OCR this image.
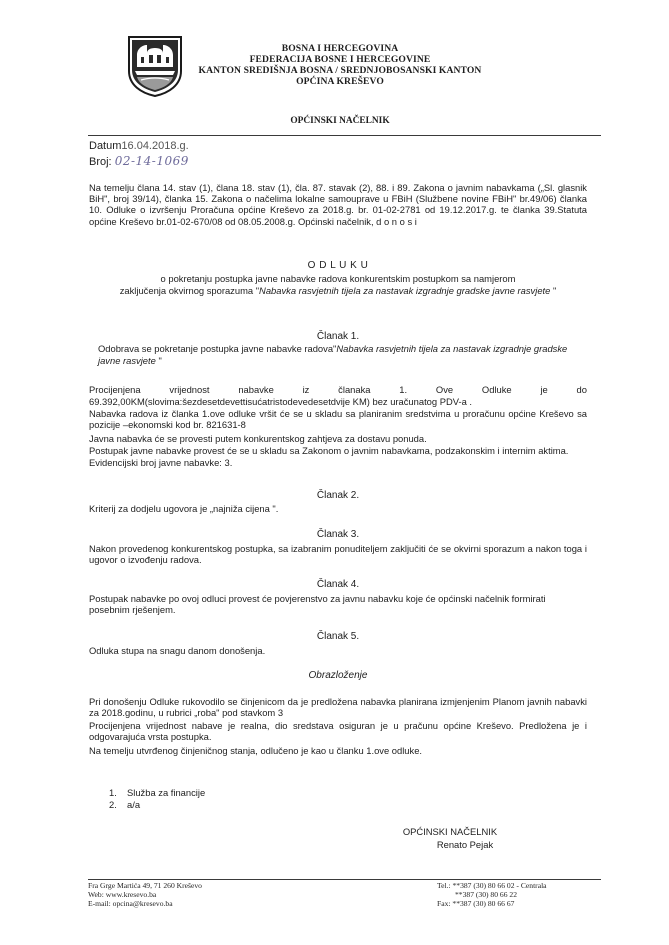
BOSNA I HERCEGOVINA
FEDERACIJA BOSNE I HERCEGOVINE
KANTON SREDIŠNJA BOSNA / SREDNJOBOSANSKI KANTON
OPĆINA KREŠEVO
OPĆINSKI NAČELNIK
Datum16.04.2018.g.
Broj: 02-14-1069
Na temelju članа 14. stav (1), člana 18. stav (1), čla. 87. stavak (2), 88. i 89. Zakona o javnim nabavkama („Sl. glasnik BiH", broj 39/14), članka 15. Zakona o načelima lokalne samouprave u FBiH (Službene novine FBiH" br.49/06) članka 10. Odluke o izvršenju Proračuna općine Kreševo za 2018.g. br. 01-02-2781 od 19.12.2017.g. te članka 39.Statuta općine Kreševo br.01-02-670/08 od 08.05.2008.g. Općinski načelnik, d o n o s i
O D L U K U
o pokretanju postupka javne nabavke radova konkurentskim postupkom sa namjerom
zaključenja okvirnog sporazuma "Nabavka rasvjetnih tijela za nastavak izgradnje gradske javne rasvjete "
Članak 1.
Odobrava se pokretanje postupka javne nabavke radova"Nabavka rasvjetnih tijela za nastavak izgradnje gradske javne rasvjete "
Procijenjena vrijednost nabavke iz članaka 1. Ove Odluke je do
69.392,00KM(slovima:šezdesetdevettisućatristodevedesetdvije KM) bez uračunatog PDV-a .
Nabavka radova iz članka 1.ove odluke vršit će se u skladu sa planiranim sredstvima u proračunu općine Kreševo sa pozicije –ekonomski kod br. 821631-8
Javna nabavka će se provesti putem konkurentskog zahtjeva za dostavu ponuda.
Postupak javne nabavke provest će se u skladu sa Zakonom o javnim nabavkama, podzakonskim i internim aktima.
Evidencijski broj javne nabavke: 3.
Članak 2.
Kriterij za dodjelu ugovora je „najniža cijena ".
Članak 3.
Nakon provedenog konkurentskog postupka, sa izabranim ponuditeljem zaključiti će se okvirni sporazum a nakon toga i ugovor o izvođenju radova.
Članak 4.
Postupak nabavke po ovoj odluci provest će povjerenstvo za javnu nabavku koje će općinski načelnik formirati posebnim rješenjem.
Članak 5.
Odluka stupa na snagu danom donošenja.
Obrazloženje
Pri donošenju Odluke rukovodilo se činjenicom da je predložena nabavka planirana izmjenjenim Planom javnih nabavki za 2018.godinu, u rubrici „roba" pod stavkom 3
Procijenjena vrijednost nabave je realna, dio sredstava osiguran je u pračunu općine Kreševo. Predložena je i odgovarajuća vrsta postupka.
Na temelju utvrđenog činjeničnog stanja, odlučeno je kao u članku 1.ove odluke.
1. Služba za financije
2. a/a
OPĆINSKI NAČELNIK
Renato Pejak
Fra Grge Martića 49, 71 260 Kreševo
Web: www.kresevo.ba
E-mail: opcina@kresevo.ba
Tel.: **387 (30) 80 66 02 - Centrala
**387 (30) 80 66 22
Fax: **387 (30) 80 66 67
